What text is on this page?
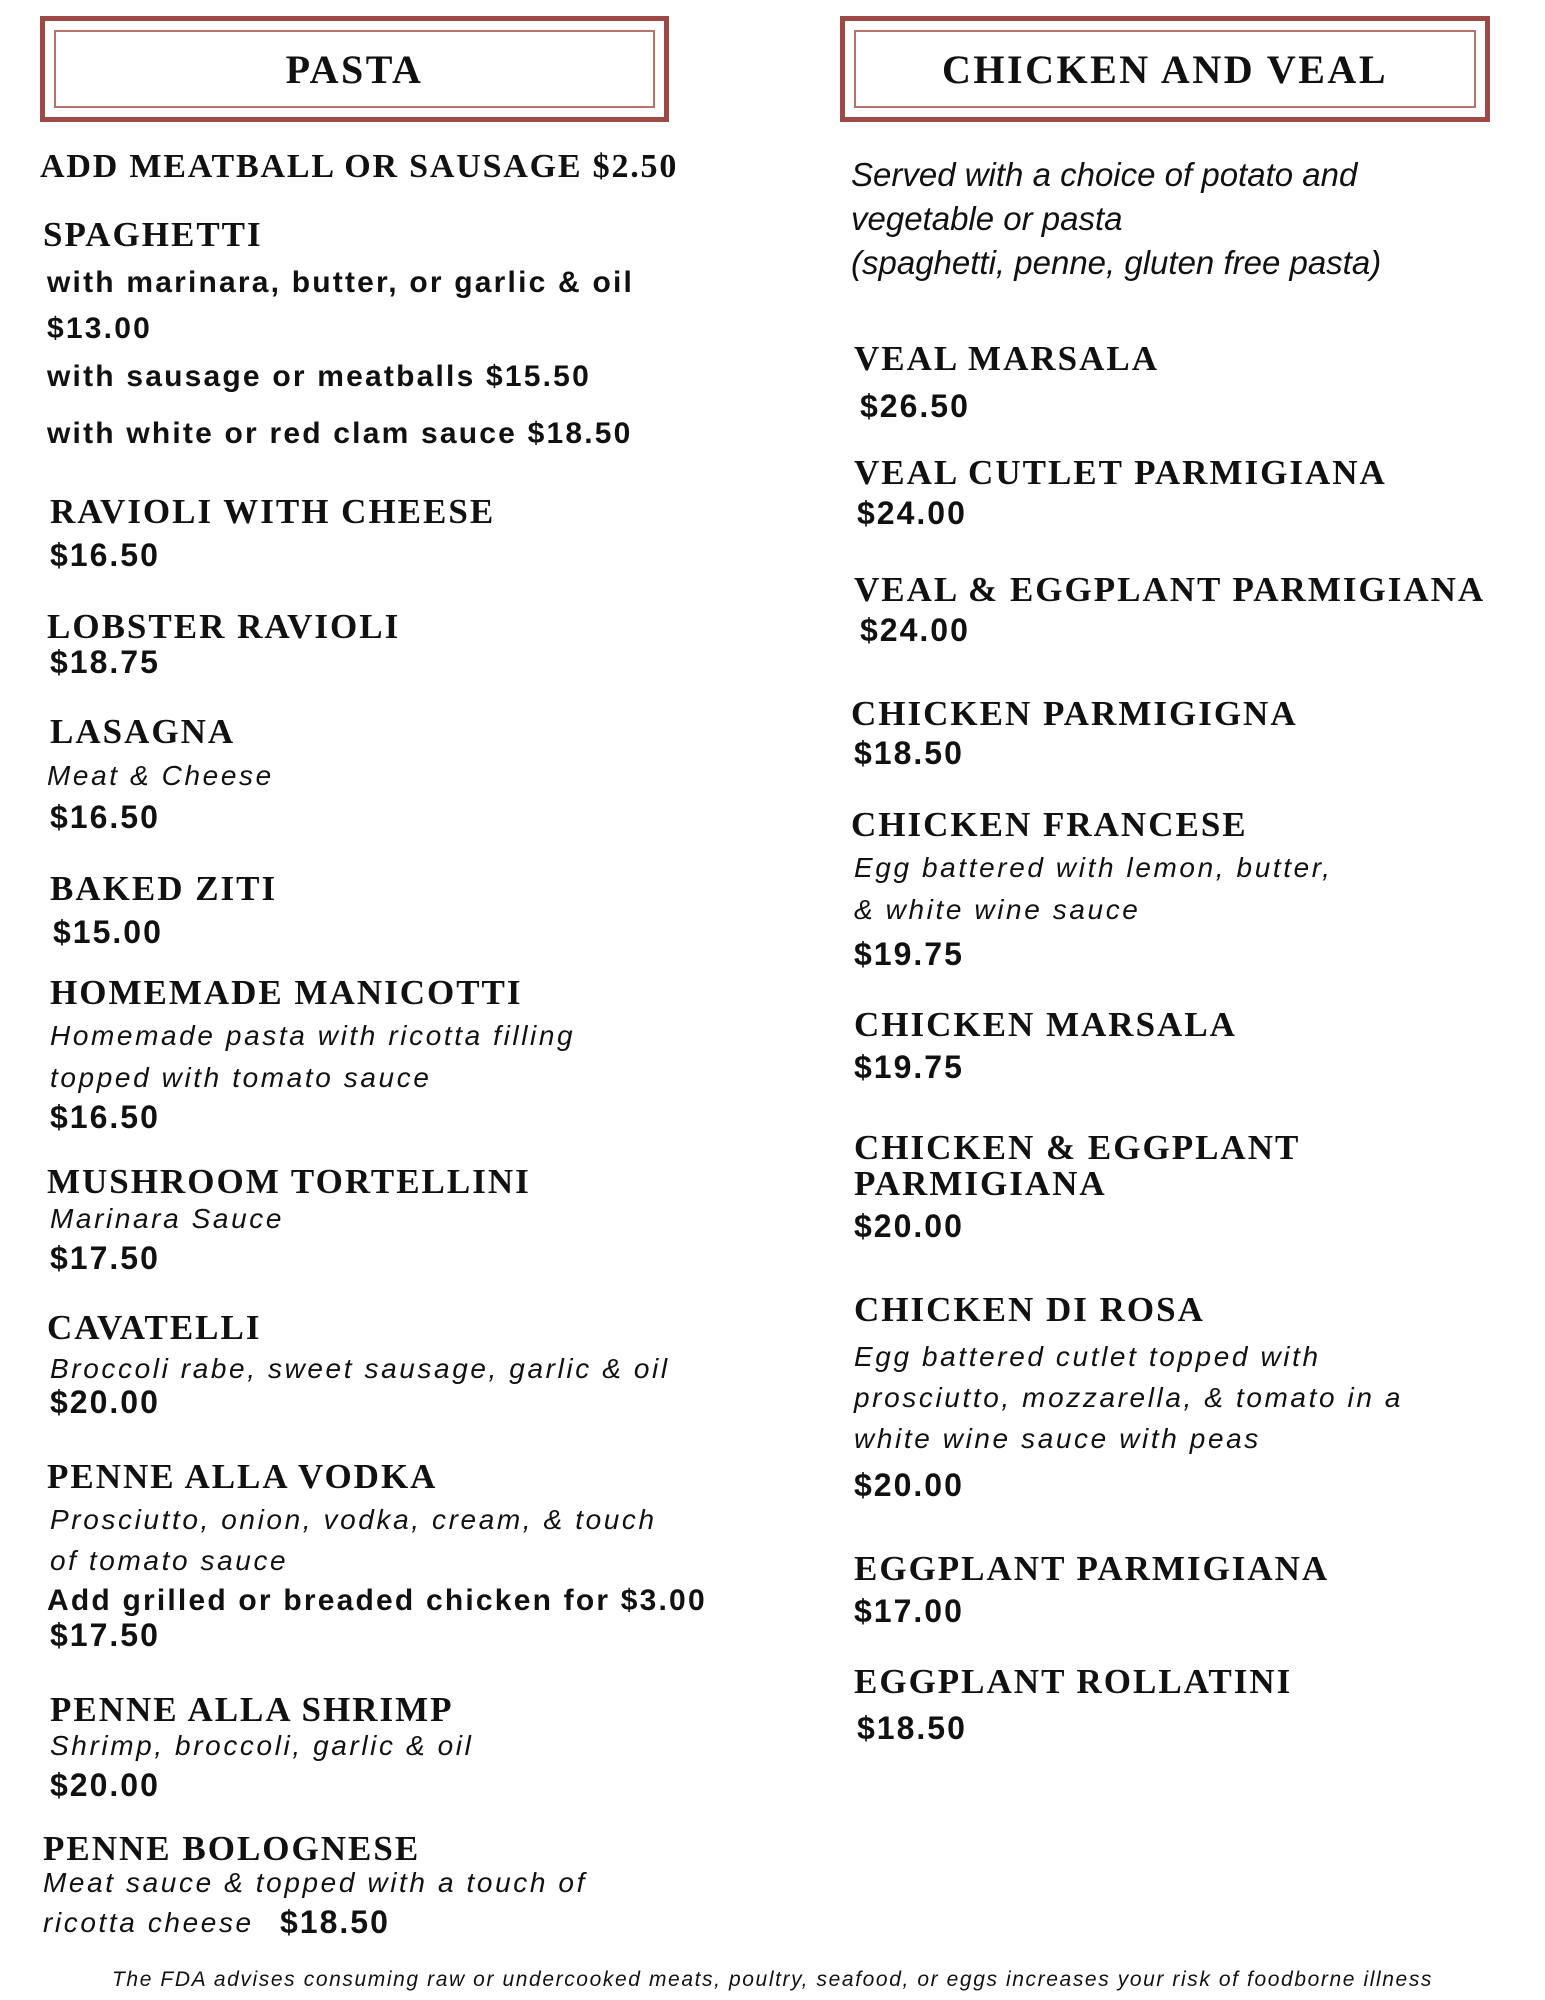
PASTA	CHICKEN AND VEAL
ADD MEATBALL OR SAUSAGE $2.50
SPAGHETTI
with marinara, butter, or garlic & oil
$13.00
with sausage or meatballs $15.50
with white or red clam sauce $18.50
RAVIOLI WITH CHEESE
$16.50
LOBSTER RAVIOLI
$18.75
LASAGNA
Meat & Cheese
$16.50
BAKED ZITI
$15.00
HOMEMADE MANICOTTI
Homemade pasta with ricotta filling
topped with tomato sauce
$16.50
MUSHROOM TORTELLINI
Marinara Sauce
$17.50
CAVATELLI
Broccoli rabe, sweet sausage, garlic & oil
$20.00
PENNE ALLA VODKA
Prosciutto, onion, vodka, cream, & touch
of tomato sauce
Add grilled or breaded chicken for $3.00
$17.50
PENNE ALLA SHRIMP
Shrimp, broccoli, garlic & oil
$20.00
PENNE BOLOGNESE
Meat sauce & topped with a touch of
ricotta cheese $18.50
Served with a choice of potato and
vegetable or pasta
(spaghetti, penne, gluten free pasta)
VEAL MARSALA
$26.50
VEAL CUTLET PARMIGIANA
$24.00
VEAL & EGGPLANT PARMIGIANA
$24.00
CHICKEN PARMIGIGNA
$18.50
CHICKEN FRANCESE
Egg battered with lemon, butter,
& white wine sauce
$19.75
CHICKEN MARSALA
$19.75
CHICKEN & EGGPLANT
PARMIGIANA
$20.00
CHICKEN DI ROSA
Egg battered cutlet topped with
prosciutto, mozzarella, & tomato in a
white wine sauce with peas
$20.00
EGGPLANT PARMIGIANA
$17.00
EGGPLANT ROLLATINI
$18.50
The FDA advises consuming raw or undercooked meats, poultry, seafood, or eggs increases your risk of foodborne illness
